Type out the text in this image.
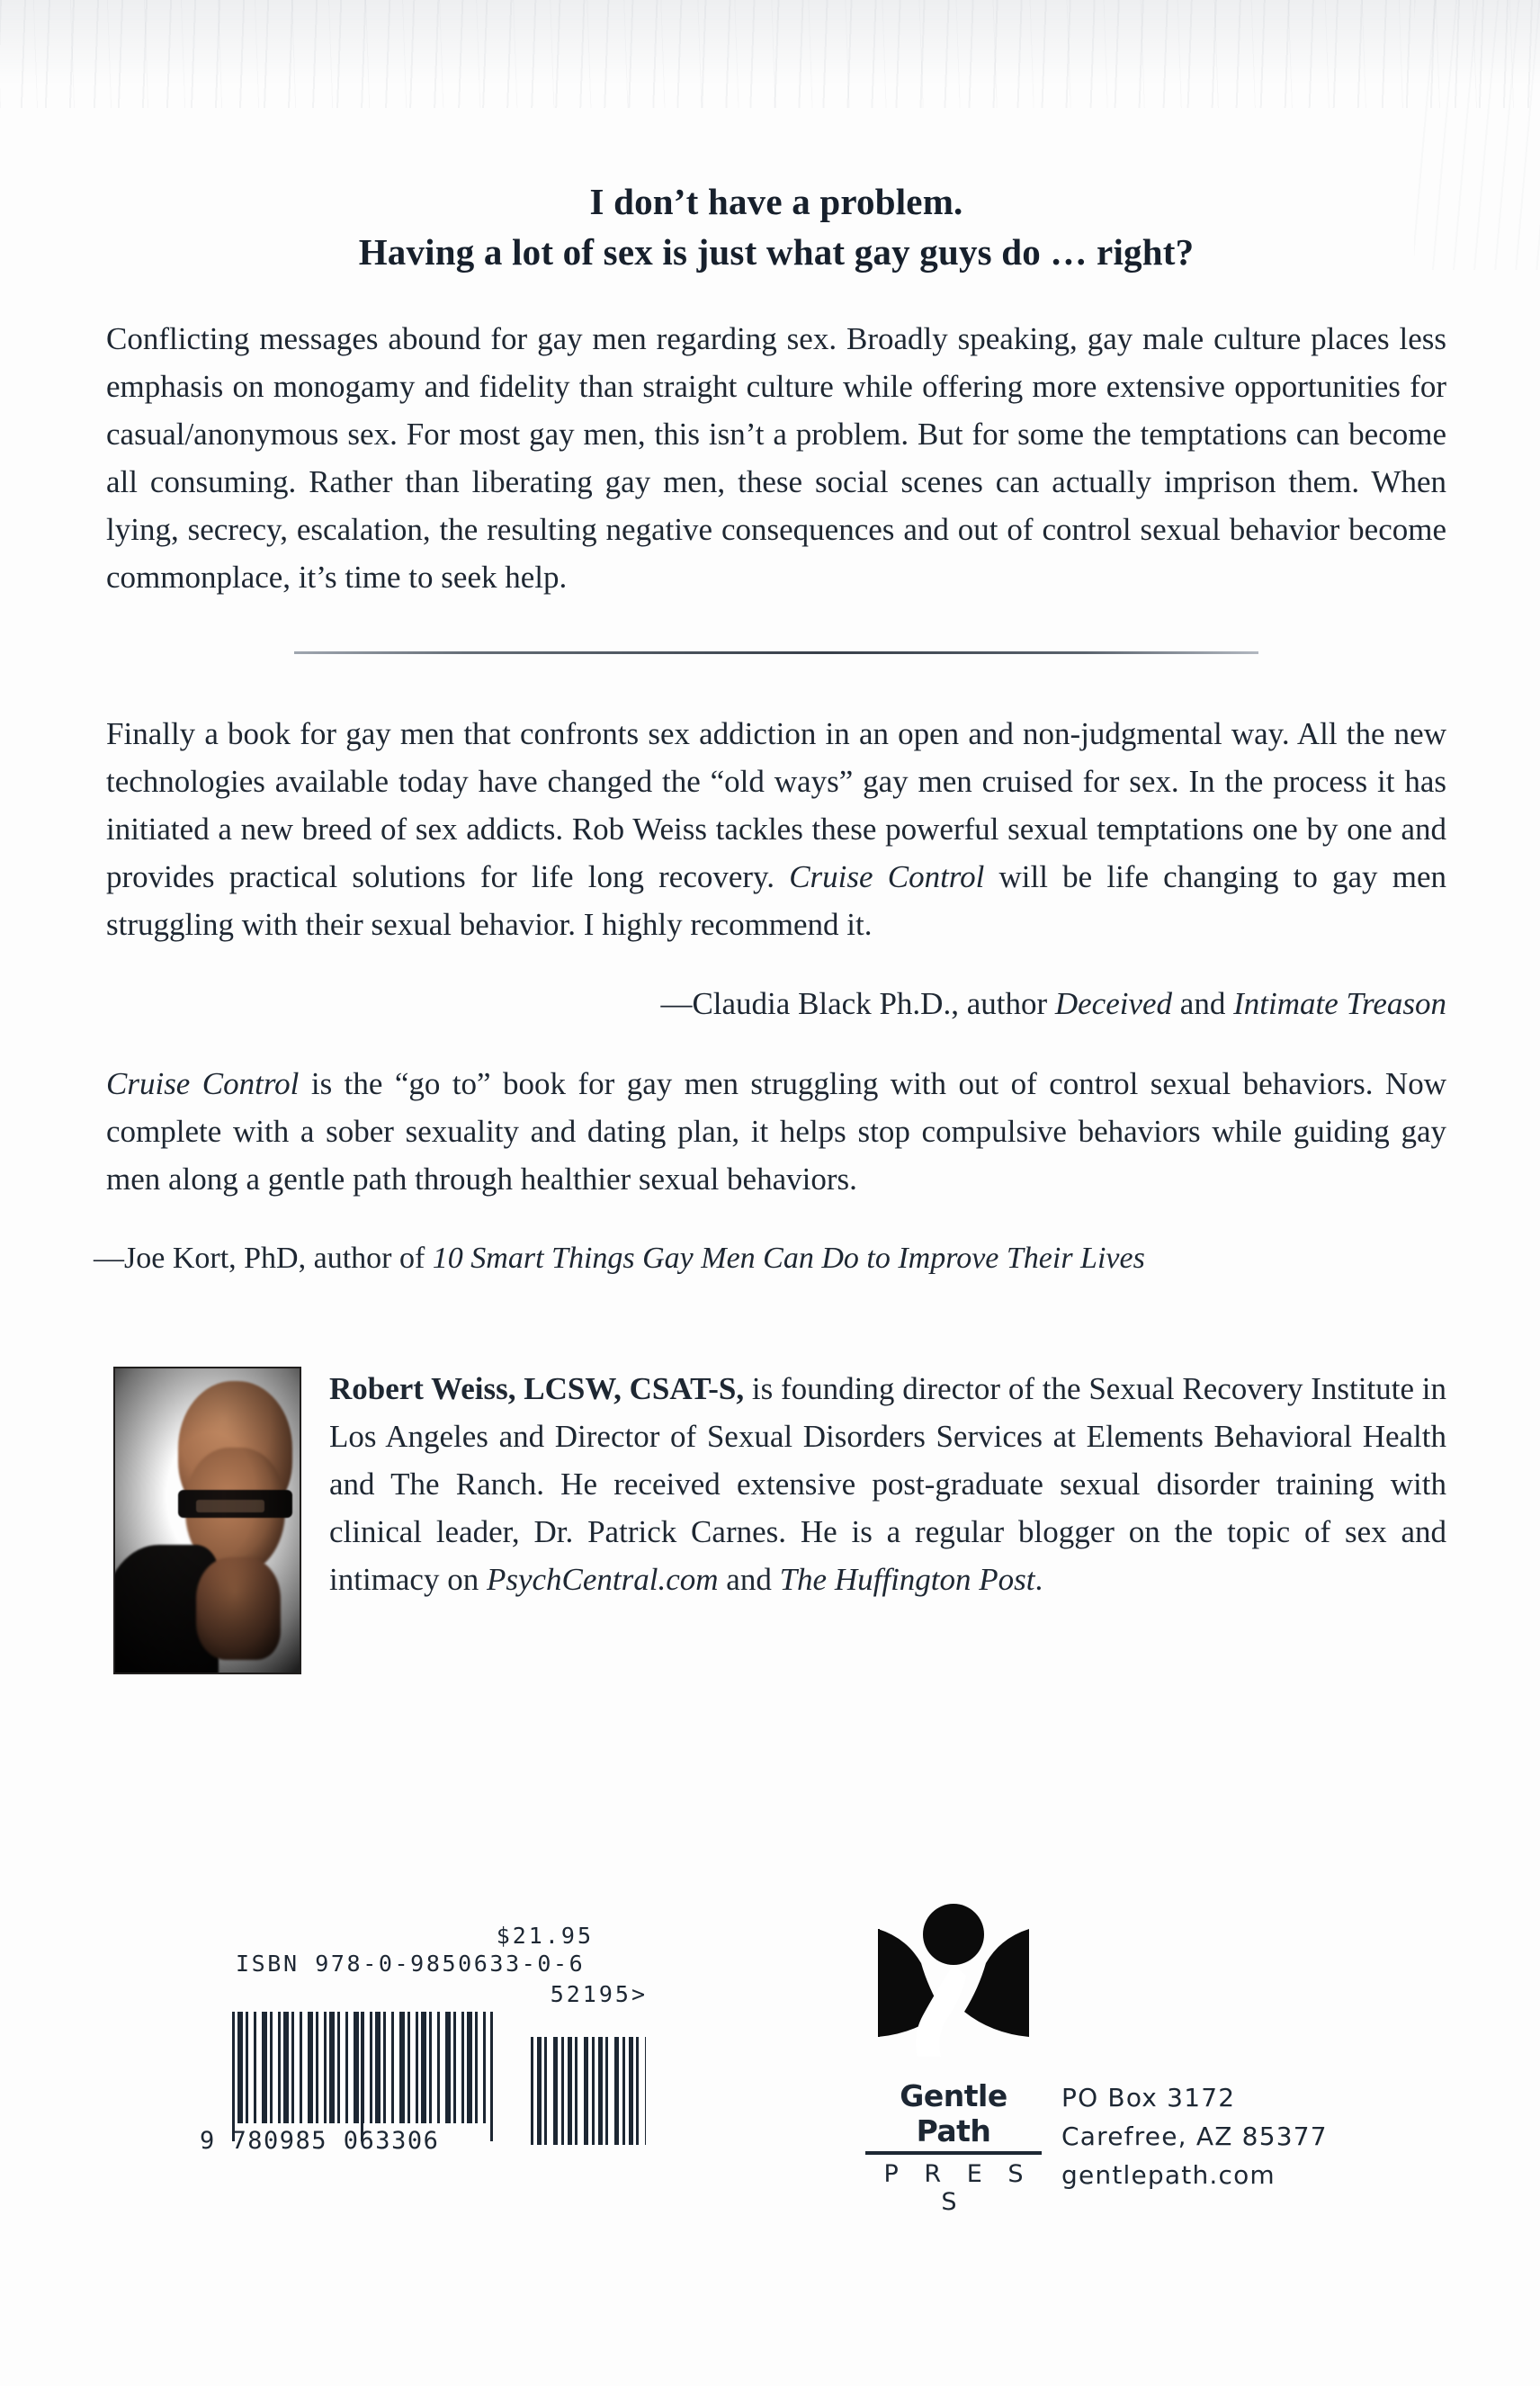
I don’t have a problem.
Having a lot of sex is just what gay guys do … right?

Conflicting messages abound for gay men regarding sex. Broadly speaking, gay male culture places less emphasis on monogamy and fidelity than straight culture while offering more extensive opportunities for casual/anonymous sex. For most gay men, this isn’t a problem. But for some the temptations can become all consuming. Rather than liberating gay men, these social scenes can actually imprison them. When lying, secrecy, escalation, the resulting negative consequences and out of control sexual behavior become commonplace, it’s time to seek help.

Finally a book for gay men that confronts sex addiction in an open and non-judgmental way. All the new technologies available today have changed the “old ways” gay men cruised for sex. In the process it has initiated a new breed of sex addicts. Rob Weiss tackles these powerful sexual temptations one by one and provides practical solutions for life long recovery. Cruise Control will be life changing to gay men struggling with their sexual behavior. I highly recommend it.

—Claudia Black Ph.D., author Deceived and Intimate Treason

Cruise Control is the “go to” book for gay men struggling with out of control sexual behaviors. Now complete with a sober sexuality and dating plan, it helps stop compulsive behaviors while guiding gay men along a gentle path through healthier sexual behaviors.

—Joe Kort, PhD, author of 10 Smart Things Gay Men Can Do to Improve Their Lives

Robert Weiss, LCSW, CSAT-S, is founding director of the Sexual Recovery Institute in Los Angeles and Director of Sexual Disorders Services at Elements Behavioral Health and The Ranch. He received extensive post-graduate sexual disorder training with clinical leader, Dr. Patrick Carnes. He is a regular blogger on the topic of sex and intimacy on PsychCentral.com and The Huffington Post.

$21.95
ISBN 978-0-9850633-0-6
52195>
9 780985 063306
Gentle Path
P R E S S
PO Box 3172
Carefree, AZ 85377
gentlepath.com
